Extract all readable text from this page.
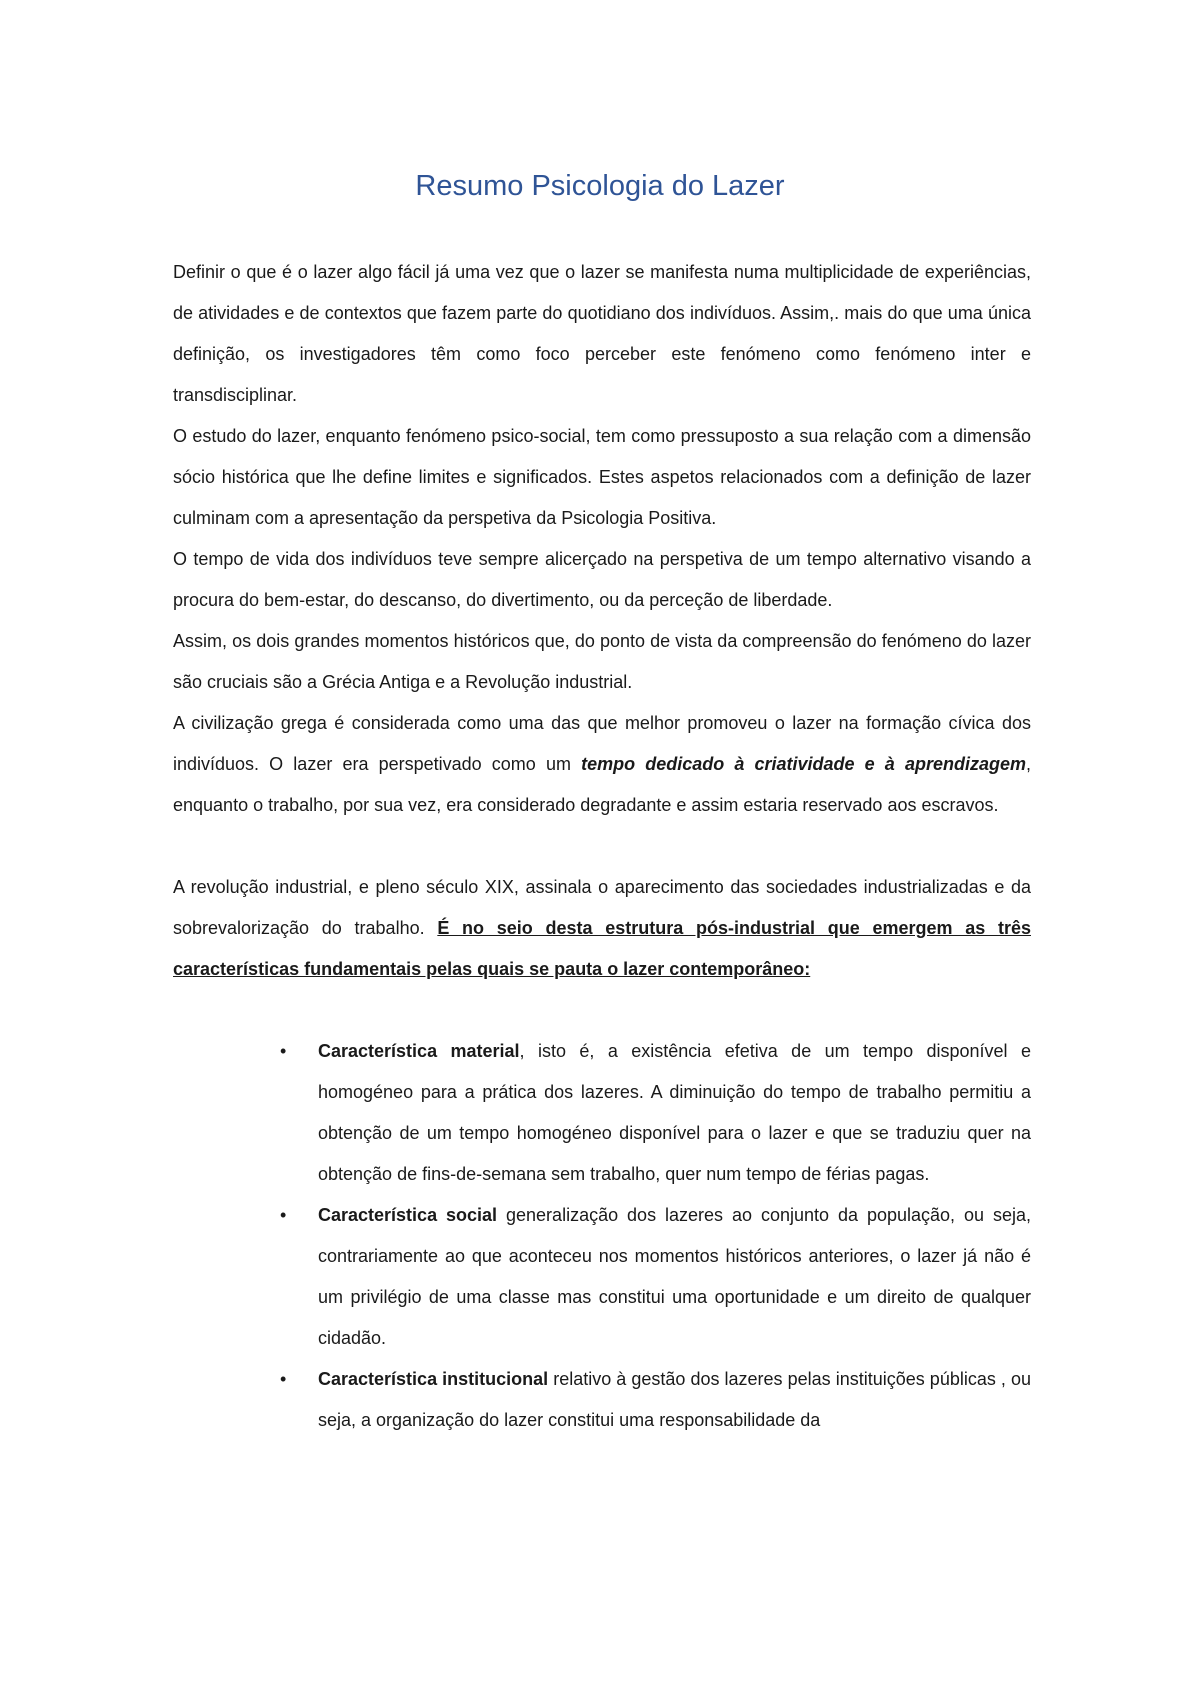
Resumo Psicologia do Lazer

Definir o que é o lazer algo fácil já uma vez que o lazer se manifesta numa multiplicidade de experiências, de atividades e de contextos que fazem parte do quotidiano dos indivíduos. Assim,. mais do que uma única definição, os investigadores têm como foco perceber este fenómeno como fenómeno inter e transdisciplinar.

O estudo do lazer, enquanto fenómeno psico-social, tem como pressuposto a sua relação com a dimensão sócio histórica que lhe define limites e significados. Estes aspetos relacionados com a definição de lazer culminam com a apresentação da perspetiva da Psicologia Positiva.

O tempo de vida dos indivíduos teve sempre alicerçado na perspetiva de um tempo alternativo visando a procura do bem-estar, do descanso, do divertimento, ou da perceção de liberdade.

Assim, os dois grandes momentos históricos que, do ponto de vista da compreensão do fenómeno do lazer são cruciais são a Grécia Antiga e a Revolução industrial.

A civilização grega é considerada como uma das que melhor promoveu o lazer na formação cívica dos indivíduos. O lazer era perspetivado como um tempo dedicado à criatividade e à aprendizagem, enquanto o trabalho, por sua vez, era considerado degradante e assim estaria reservado aos escravos.

A revolução industrial, e pleno século XIX, assinala o aparecimento das sociedades industrializadas e da sobrevalorização do trabalho. É no seio desta estrutura pós-industrial que emergem as três características fundamentais pelas quais se pauta o lazer contemporâneo:

• Característica material, isto é, a existência efetiva de um tempo disponível e homogéneo para a prática dos lazeres. A diminuição do tempo de trabalho permitiu a obtenção de um tempo homogéneo disponível para o lazer e que se traduziu quer na obtenção de fins-de-semana sem trabalho, quer num tempo de férias pagas.
• Característica social generalização dos lazeres ao conjunto da população, ou seja, contrariamente ao que aconteceu nos momentos históricos anteriores, o lazer já não é um privilégio de uma classe mas constitui uma oportunidade e um direito de qualquer cidadão.
• Característica institucional relativo à gestão dos lazeres pelas instituições públicas , ou seja, a organização do lazer constitui uma responsabilidade da
